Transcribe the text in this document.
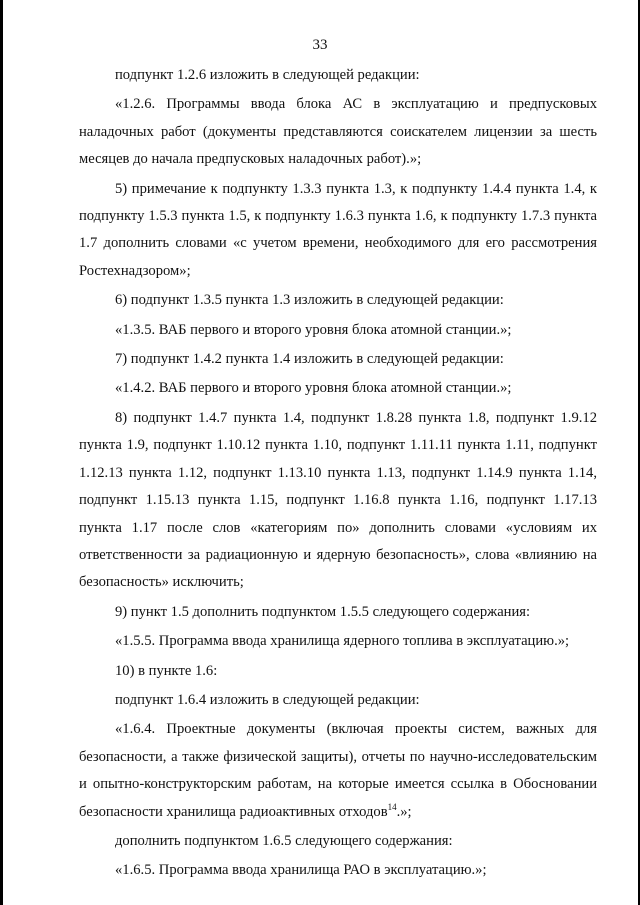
33

подпункт 1.2.6 изложить в следующей редакции:

«1.2.6. Программы ввода блока АС в эксплуатацию и предпусковых наладочных работ (документы представляются соискателем лицензии за шесть месяцев до начала предпусковых наладочных работ).»;

5) примечание к подпункту 1.3.3 пункта 1.3, к подпункту 1.4.4 пункта 1.4, к подпункту 1.5.3 пункта 1.5, к подпункту 1.6.3 пункта 1.6, к подпункту 1.7.3 пункта 1.7 дополнить словами «с учетом времени, необходимого для его рассмотрения Ростехнадзором»;

6) подпункт 1.3.5 пункта 1.3 изложить в следующей редакции:

«1.3.5. ВАБ первого и второго уровня блока атомной станции.»;

7) подпункт 1.4.2 пункта 1.4 изложить в следующей редакции:

«1.4.2. ВАБ первого и второго уровня блока атомной станции.»;

8) подпункт 1.4.7 пункта 1.4, подпункт 1.8.28 пункта 1.8, подпункт 1.9.12 пункта 1.9, подпункт 1.10.12 пункта 1.10, подпункт 1.11.11 пункта 1.11, подпункт 1.12.13 пункта 1.12, подпункт 1.13.10 пункта 1.13, подпункт 1.14.9 пункта 1.14, подпункт 1.15.13 пункта 1.15, подпункт 1.16.8 пункта 1.16, подпункт 1.17.13 пункта 1.17 после слов «категориям по» дополнить словами «условиям их ответственности за радиационную и ядерную безопасность», слова «влиянию на безопасность» исключить;

9) пункт 1.5 дополнить подпунктом 1.5.5 следующего содержания:

«1.5.5. Программа ввода хранилища ядерного топлива в эксплуатацию.»;

10) в пункте 1.6:

подпункт 1.6.4 изложить в следующей редакции:

«1.6.4. Проектные документы (включая проекты систем, важных для безопасности, а также физической защиты), отчеты по научно-исследовательским и опытно-конструкторским работам, на которые имеется ссылка в Обосновании безопасности хранилища радиоактивных отходов$^{14}$.»;

дополнить подпунктом 1.6.5 следующего содержания:

«1.6.5. Программа ввода хранилища РАО в эксплуатацию.»;
